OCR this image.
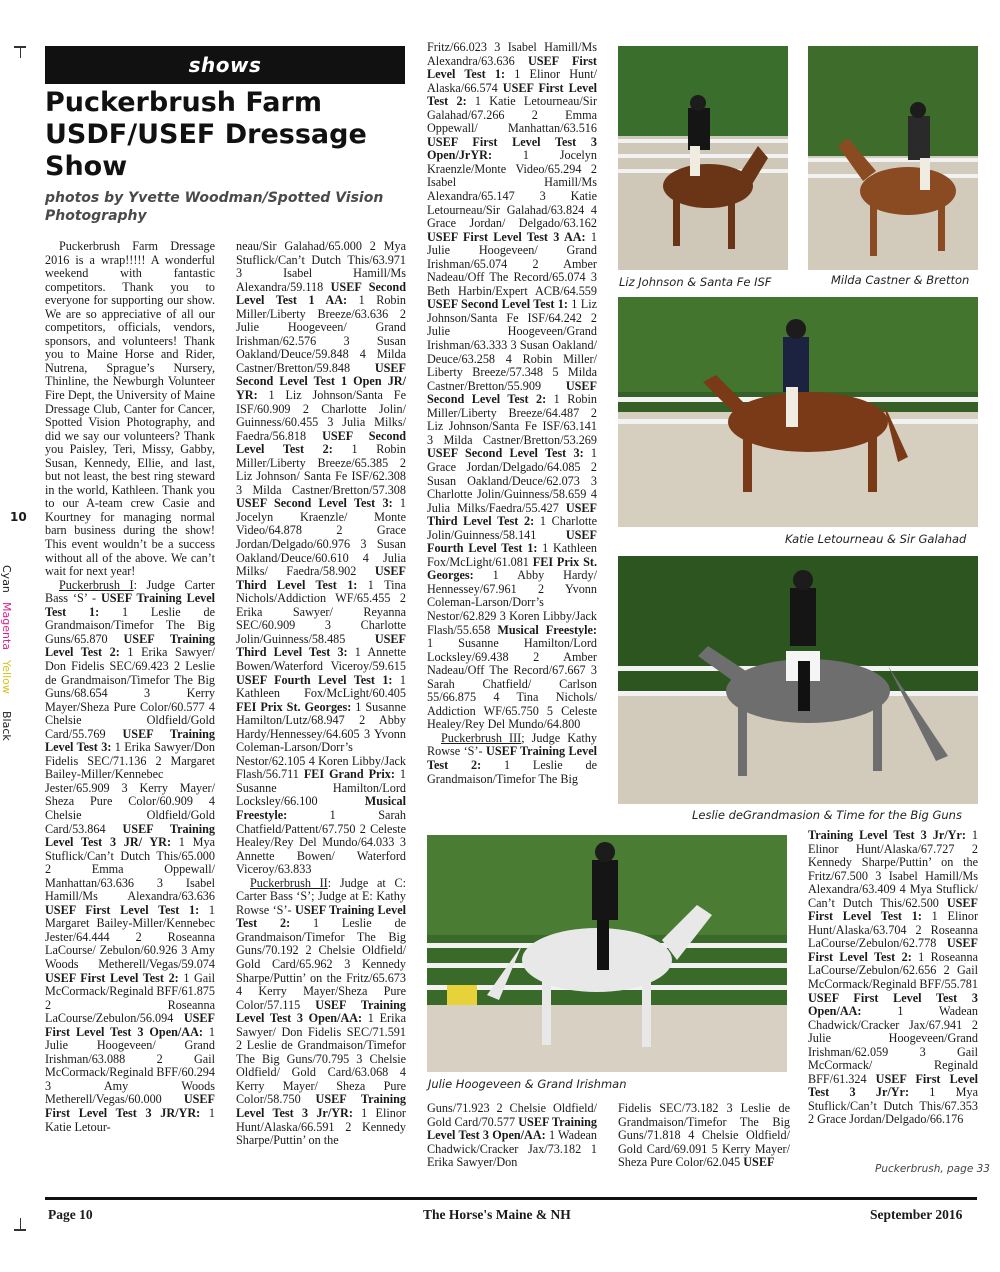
10
Cyan
Magenta
Yellow
Black
shows
Puckerbrush Farm
USDF/USEF Dressage
Show
photos by Yvette Woodman/Spotted Vision
Photography

Puckerbrush Farm Dressage 2016 is a wrap!!!!! A wonderful weekend with fantastic competitors. Thank you to everyone for supporting our show. We are so appreciative of all our competitors, officials, vendors, sponsors, and volunteers! Thank you to Maine Horse and Rider, Nutrena, Sprague’s Nursery, Thinline, the Newburgh Volunteer Fire Dept, the University of Maine Dressage Club, Canter for Cancer, Spotted Vision Photography, and did we say our volunteers? Thank you Paisley, Teri, Missy, Gabby, Susan, Kennedy, Ellie, and last, but not least, the best ring steward in the world, Kathleen. Thank you to our A-team crew Casie and Kourtney for managing normal barn business during the show! This event wouldn’t be a success without all of the above. We can’t wait for next year!

Puckerbrush I: Judge Carter Bass ‘S’ - USEF Training Level Test 1: 1 Leslie de Grandmaison/Timefor The Big Guns/65.870 USEF Training Level Test 2: 1 Erika Sawyer/ Don Fidelis SEC/69.423 2 Leslie de Grandmaison/Timefor The Big Guns/68.654 3 Kerry Mayer/Sheza Pure Color/60.577 4 Chelsie Oldfield/Gold Card/55.769 USEF Training Level Test 3: 1 Erika Sawyer/Don Fidelis SEC/71.136 2 Margaret Bailey-Miller/Kennebec Jester/65.909 3 Kerry Mayer/ Sheza Pure Color/60.909 4 Chelsie Oldfield/Gold Card/53.864 USEF Training Level Test 3 JR/ YR: 1 Mya Stuflick/Can’t Dutch This/65.000 2 Emma Oppewall/ Manhattan/63.636 3 Isabel Hamill/Ms Alexandra/63.636 USEF First Level Test 1: 1 Margaret Bailey-Miller/Kennebec Jester/64.444 2 Roseanna LaCourse/ Zebulon/60.926 3 Amy Woods Metherell/Vegas/59.074 USEF First Level Test 2: 1 Gail McCormack/Reginald BFF/61.875 2 Roseanna LaCourse/Zebulon/56.094 USEF First Level Test 3 Open/AA: 1 Julie Hoogeveen/ Grand Irishman/63.088 2 Gail McCormack/Reginald BFF/60.294 3 Amy Woods Metherell/Vegas/60.000 USEF First Level Test 3 JR/YR: 1 Katie Letour-

neau/Sir Galahad/65.000 2 Mya Stuflick/Can’t Dutch This/63.971 3 Isabel Hamill/Ms Alexandra/59.118 USEF Second Level Test 1 AA: 1 Robin Miller/Liberty Breeze/63.636 2 Julie Hoogeveen/ Grand Irishman/62.576 3 Susan Oakland/Deuce/59.848 4 Milda Castner/Bretton/59.848 USEF Second Level Test 1 Open JR/ YR: 1 Liz Johnson/Santa Fe ISF/60.909 2 Charlotte Jolin/ Guinness/60.455 3 Julia Milks/ Faedra/56.818 USEF Second Level Test 2: 1 Robin Miller/Liberty Breeze/65.385 2 Liz Johnson/ Santa Fe ISF/62.308 3 Milda Castner/Bretton/57.308 USEF Second Level Test 3: 1 Jocelyn Kraenzle/ Monte Video/64.878 2 Grace Jordan/Delgado/60.976 3 Susan Oakland/Deuce/60.610 4 Julia Milks/ Faedra/58.902 USEF Third Level Test 1: 1 Tina Nichols/Addiction WF/65.455 2 Erika Sawyer/ Reyanna SEC/60.909 3 Charlotte Jolin/Guinness/58.485 USEF Third Level Test 3: 1 Annette Bowen/Waterford Viceroy/59.615 USEF Fourth Level Test 1: 1 Kathleen Fox/McLight/60.405 FEI Prix St. Georges: 1 Susanne Hamilton/Lutz/68.947 2 Abby Hardy/Hennessey/64.605 3 Yvonn Coleman-Larson/Dorr’s Nestor/62.105 4 Koren Libby/Jack Flash/56.711 FEI Grand Prix: 1 Susanne Hamilton/Lord Locksley/66.100 Musical Freestyle: 1 Sarah Chatfield/Pattent/67.750 2 Celeste Healey/Rey Del Mundo/64.033 3 Annette Bowen/ Waterford Viceroy/63.833

Puckerbrush II: Judge at C: Carter Bass ‘S’; Judge at E: Kathy Rowse ‘S’- USEF Training Level Test 2: 1 Leslie de Grandmaison/Timefor The Big Guns/70.192 2 Chelsie Oldfield/ Gold Card/65.962 3 Kennedy Sharpe/Puttin’ on the Fritz/65.673 4 Kerry Mayer/Sheza Pure Color/57.115 USEF Training Level Test 3 Open/AA: 1 Erika Sawyer/ Don Fidelis SEC/71.591 2 Leslie de Grandmaison/Timefor The Big Guns/70.795 3 Chelsie Oldfield/ Gold Card/63.068 4 Kerry Mayer/ Sheza Pure Color/58.750 USEF Training Level Test 3 Jr/YR: 1 Elinor Hunt/Alaska/66.591 2 Kennedy Sharpe/Puttin’ on the

Fritz/66.023 3 Isabel Hamill/Ms Alexandra/63.636 USEF First Level Test 1: 1 Elinor Hunt/ Alaska/66.574 USEF First Level Test 2: 1 Katie Letourneau/Sir Galahad/67.266 2 Emma Oppewall/ Manhattan/63.516 USEF First Level Test 3 Open/JrYR: 1 Jocelyn Kraenzle/Monte Video/65.294 2 Isabel Hamill/Ms Alexandra/65.147 3 Katie Letourneau/Sir Galahad/63.824 4 Grace Jordan/ Delgado/63.162 USEF First Level Test 3 AA: 1 Julie Hoogeveen/ Grand Irishman/65.074 2 Amber Nadeau/Off The Record/65.074 3 Beth Harbin/Expert ACB/64.559 USEF Second Level Test 1: 1 Liz Johnson/Santa Fe ISF/64.242 2 Julie Hoogeveen/Grand Irishman/63.333 3 Susan Oakland/ Deuce/63.258 4 Robin Miller/ Liberty Breeze/57.348 5 Milda Castner/Bretton/55.909 USEF Second Level Test 2: 1 Robin Miller/Liberty Breeze/64.487 2 Liz Johnson/Santa Fe ISF/63.141 3 Milda Castner/Bretton/53.269 USEF Second Level Test 3: 1 Grace Jordan/Delgado/64.085 2 Susan Oakland/Deuce/62.073 3 Charlotte Jolin/Guinness/58.659 4 Julia Milks/Faedra/55.427 USEF Third Level Test 2: 1 Charlotte Jolin/Guinness/58.141 USEF Fourth Level Test 1: 1 Kathleen Fox/McLight/61.081 FEI Prix St. Georges: 1 Abby Hardy/ Hennessey/67.961 2 Yvonn Coleman-Larson/Dorr’s Nestor/62.829 3 Koren Libby/Jack Flash/55.658 Musical Freestyle: 1 Susanne Hamilton/Lord Locksley/69.438 2 Amber Nadeau/Off The Record/67.667 3 Sarah Chatfield/ Carlson 55/66.875 4 Tina Nichols/ Addiction WF/65.750 5 Celeste Healey/Rey Del Mundo/64.800

Puckerbrush III; Judge Kathy Rowse ‘S’- USEF Training Level Test 2: 1 Leslie de Grandmaison/Timefor The Big

Guns/71.923 2 Chelsie Oldfield/ Gold Card/70.577 USEF Training Level Test 3 Open/AA: 1 Wadean Chadwick/Cracker Jax/73.182 1 Erika Sawyer/Don

Fidelis SEC/73.182 3 Leslie de Grandmaison/Timefor The Big Guns/71.818 4 Chelsie Oldfield/ Gold Card/69.091 5 Kerry Mayer/ Sheza Pure Color/62.045 USEF

Training Level Test 3 Jr/Yr: 1 Elinor Hunt/Alaska/67.727 2 Kennedy Sharpe/Puttin’ on the Fritz/67.500 3 Isabel Hamill/Ms Alexandra/63.409 4 Mya Stuflick/ Can’t Dutch This/62.500 USEF First Level Test 1: 1 Elinor Hunt/Alaska/63.704 2 Roseanna LaCourse/Zebulon/62.778 USEF First Level Test 2: 1 Roseanna LaCourse/Zebulon/62.656 2 Gail McCormack/Reginald BFF/55.781 USEF First Level Test 3 Open/AA: 1 Wadean Chadwick/Cracker Jax/67.941 2 Julie Hoogeveen/Grand Irishman/62.059 3 Gail McCormack/ Reginald BFF/61.324 USEF First Level Test 3 Jr/Yr: 1 Mya Stuflick/Can’t Dutch This/67.353 2 Grace Jordan/Delgado/66.176

Puckerbrush, page 33
Liz Johnson & Santa Fe ISF	Milda Castner & Bretton
Katie Letourneau & Sir Galahad
Leslie deGrandmasion & Time for the Big Guns
Julie Hoogeveen & Grand Irishman
Page 10	The Horse's Maine & NH	September 2016
